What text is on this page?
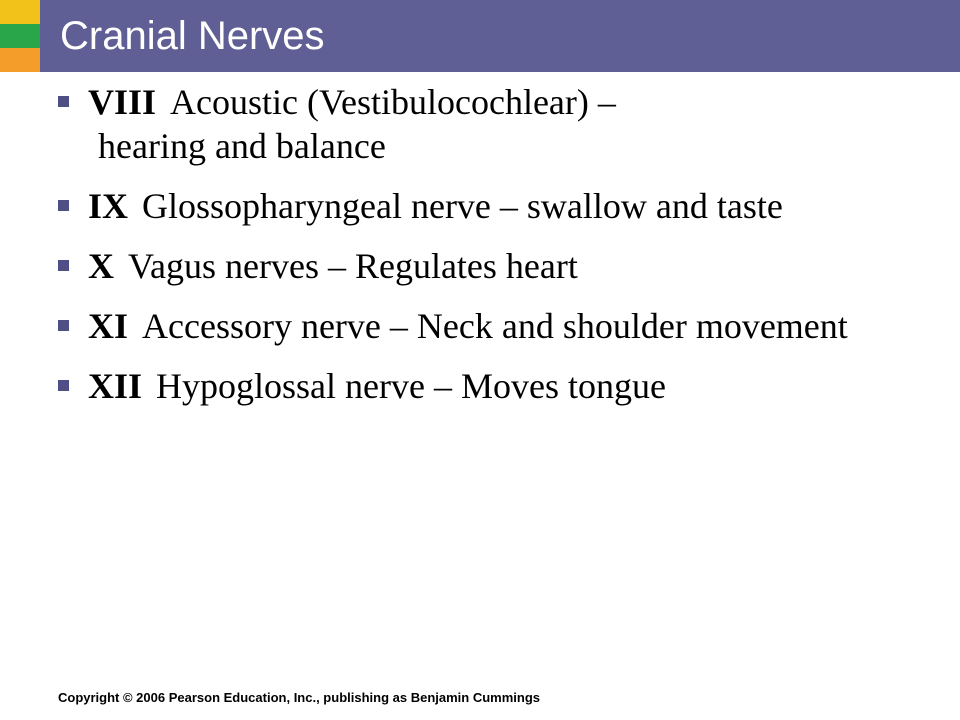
Cranial Nerves
VIII Acoustic (Vestibulocochlear) –
hearing and balance
IX Glossopharyngeal nerve – swallow and taste
X Vagus nerves – Regulates heart
XI Accessory nerve – Neck and shoulder movement
XII Hypoglossal nerve – Moves tongue
Copyright © 2006 Pearson Education, Inc., publishing as Benjamin Cummings
